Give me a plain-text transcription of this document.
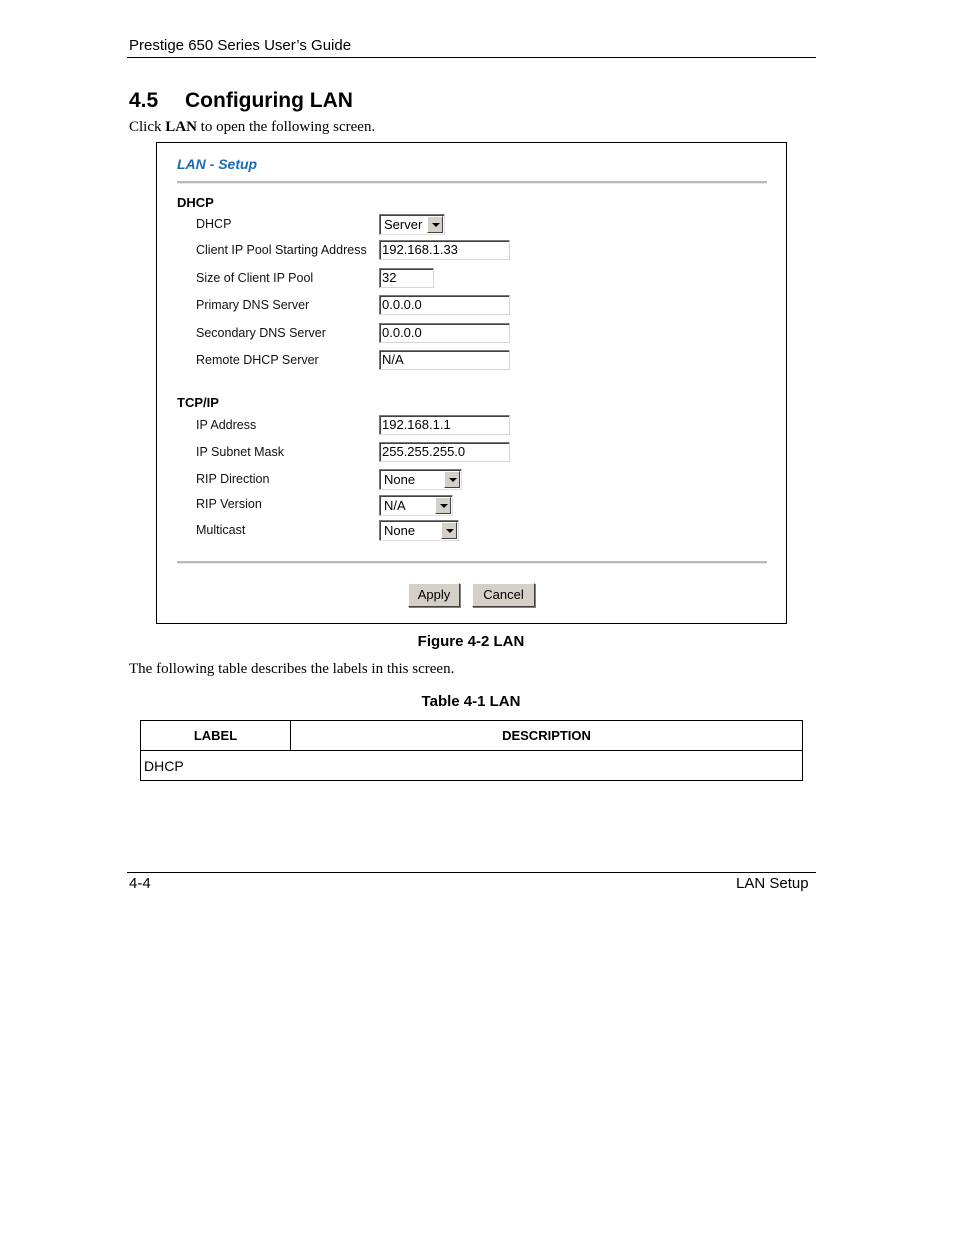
Prestige 650 Series User’s Guide
4.5 Configuring LAN
Click LAN to open the following screen.
LAN - Setup
DHCP
DHCP	Server
Client IP Pool Starting Address 192.168.1.33
Size of Client IP Pool	32
Primary DNS Server	0.0.0.0
Secondary DNS Server	0.0.0.0
Remote DHCP Server	N/A
TCP/IP
IP Address	192.168.1.1
IP Subnet Mask	255.255.255.0
RIP Direction	None
RIP Version	N/A
Multicast	None
Apply	Cancel
Figure 4-2 LAN
The following table describes the labels in this screen.
Table 4-1 LAN
LABEL	DESCRIPTION
DHCP
4-4	LAN Setup
